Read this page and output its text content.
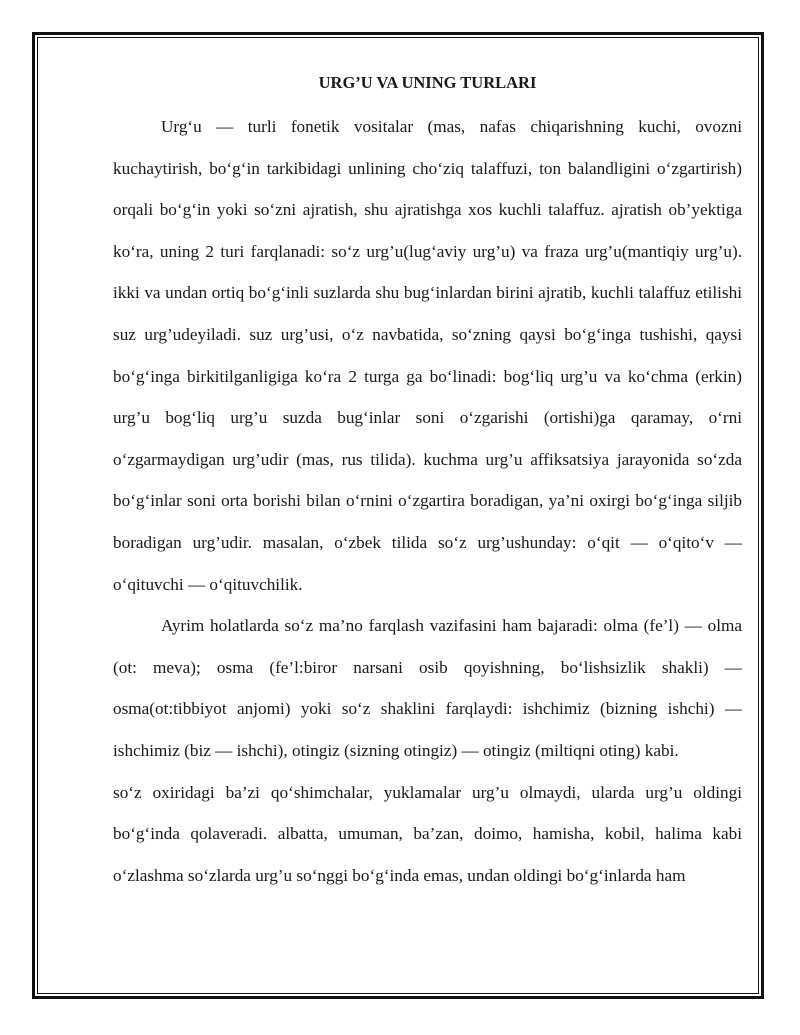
URG’U VA UNING TURLARI

Urg‘u — turli fonetik vositalar (mas, nafas chiqarishning kuchi, ovozni kuchaytirish, bo‘g‘in tarkibidagi unlining cho‘ziq talaffuzi, ton balandligini o‘zgartirish) orqali bo‘g‘in yoki so‘zni ajratish, shu ajratishga xos kuchli talaffuz. ajratish ob’yektiga ko‘ra, uning 2 turi farqlanadi: so‘z urg’u(lug‘aviy urg’u) va fraza urg’u(mantiqiy urg’u). ikki va undan ortiq bo‘g‘inli suzlarda shu bug‘inlardan birini ajratib, kuchli talaffuz etilishi suz urg’udeyiladi. suz urg’usi, o‘z navbatida, so‘zning qaysi bo‘g‘inga tushishi, qaysi bo‘g‘inga birkitilganligiga ko‘ra 2 turga ga bo‘linadi: bog‘liq urg’u va ko‘chma (erkin) urg’u bog‘liq urg’u suzda bug‘inlar soni o‘zgarishi (ortishi)ga qaramay, o‘rni o‘zgarmaydigan urg’udir (mas, rus tilida). kuchma urg’u affiksatsiya jarayonida so‘zda bo‘g‘inlar soni orta borishi bilan o‘rnini o‘zgartira boradigan, ya’ni oxirgi bo‘g‘inga siljib boradigan urg’udir. masalan, o‘zbek tilida so‘z urg’ushunday: o‘qit — o‘qito‘v — o‘qituvchi — o‘qituvchilik.

Ayrim holatlarda so‘z ma’no farqlash vazifasini ham bajaradi: olma (fe’l) — olma (ot: meva); osma (fe’l:biror narsani osib qoyishning, bo‘lishsizlik shakli) — osma(ot:tibbiyot anjomi) yoki so‘z shaklini farqlaydi: ishchimiz (bizning ishchi) — ishchimiz (biz — ishchi), otingiz (sizning otingiz) — otingiz (miltiqni oting) kabi.

so‘z oxiridagi ba’zi qo‘shimchalar, yuklamalar urg’u olmaydi, ularda urg’u oldingi bo‘g‘inda qolaveradi. albatta, umuman, ba’zan, doimo, hamisha, kobil, halima kabi o‘zlashma so‘zlarda urg’u so‘nggi bo‘g‘inda emas, undan oldingi bo‘g‘inlarda ham
